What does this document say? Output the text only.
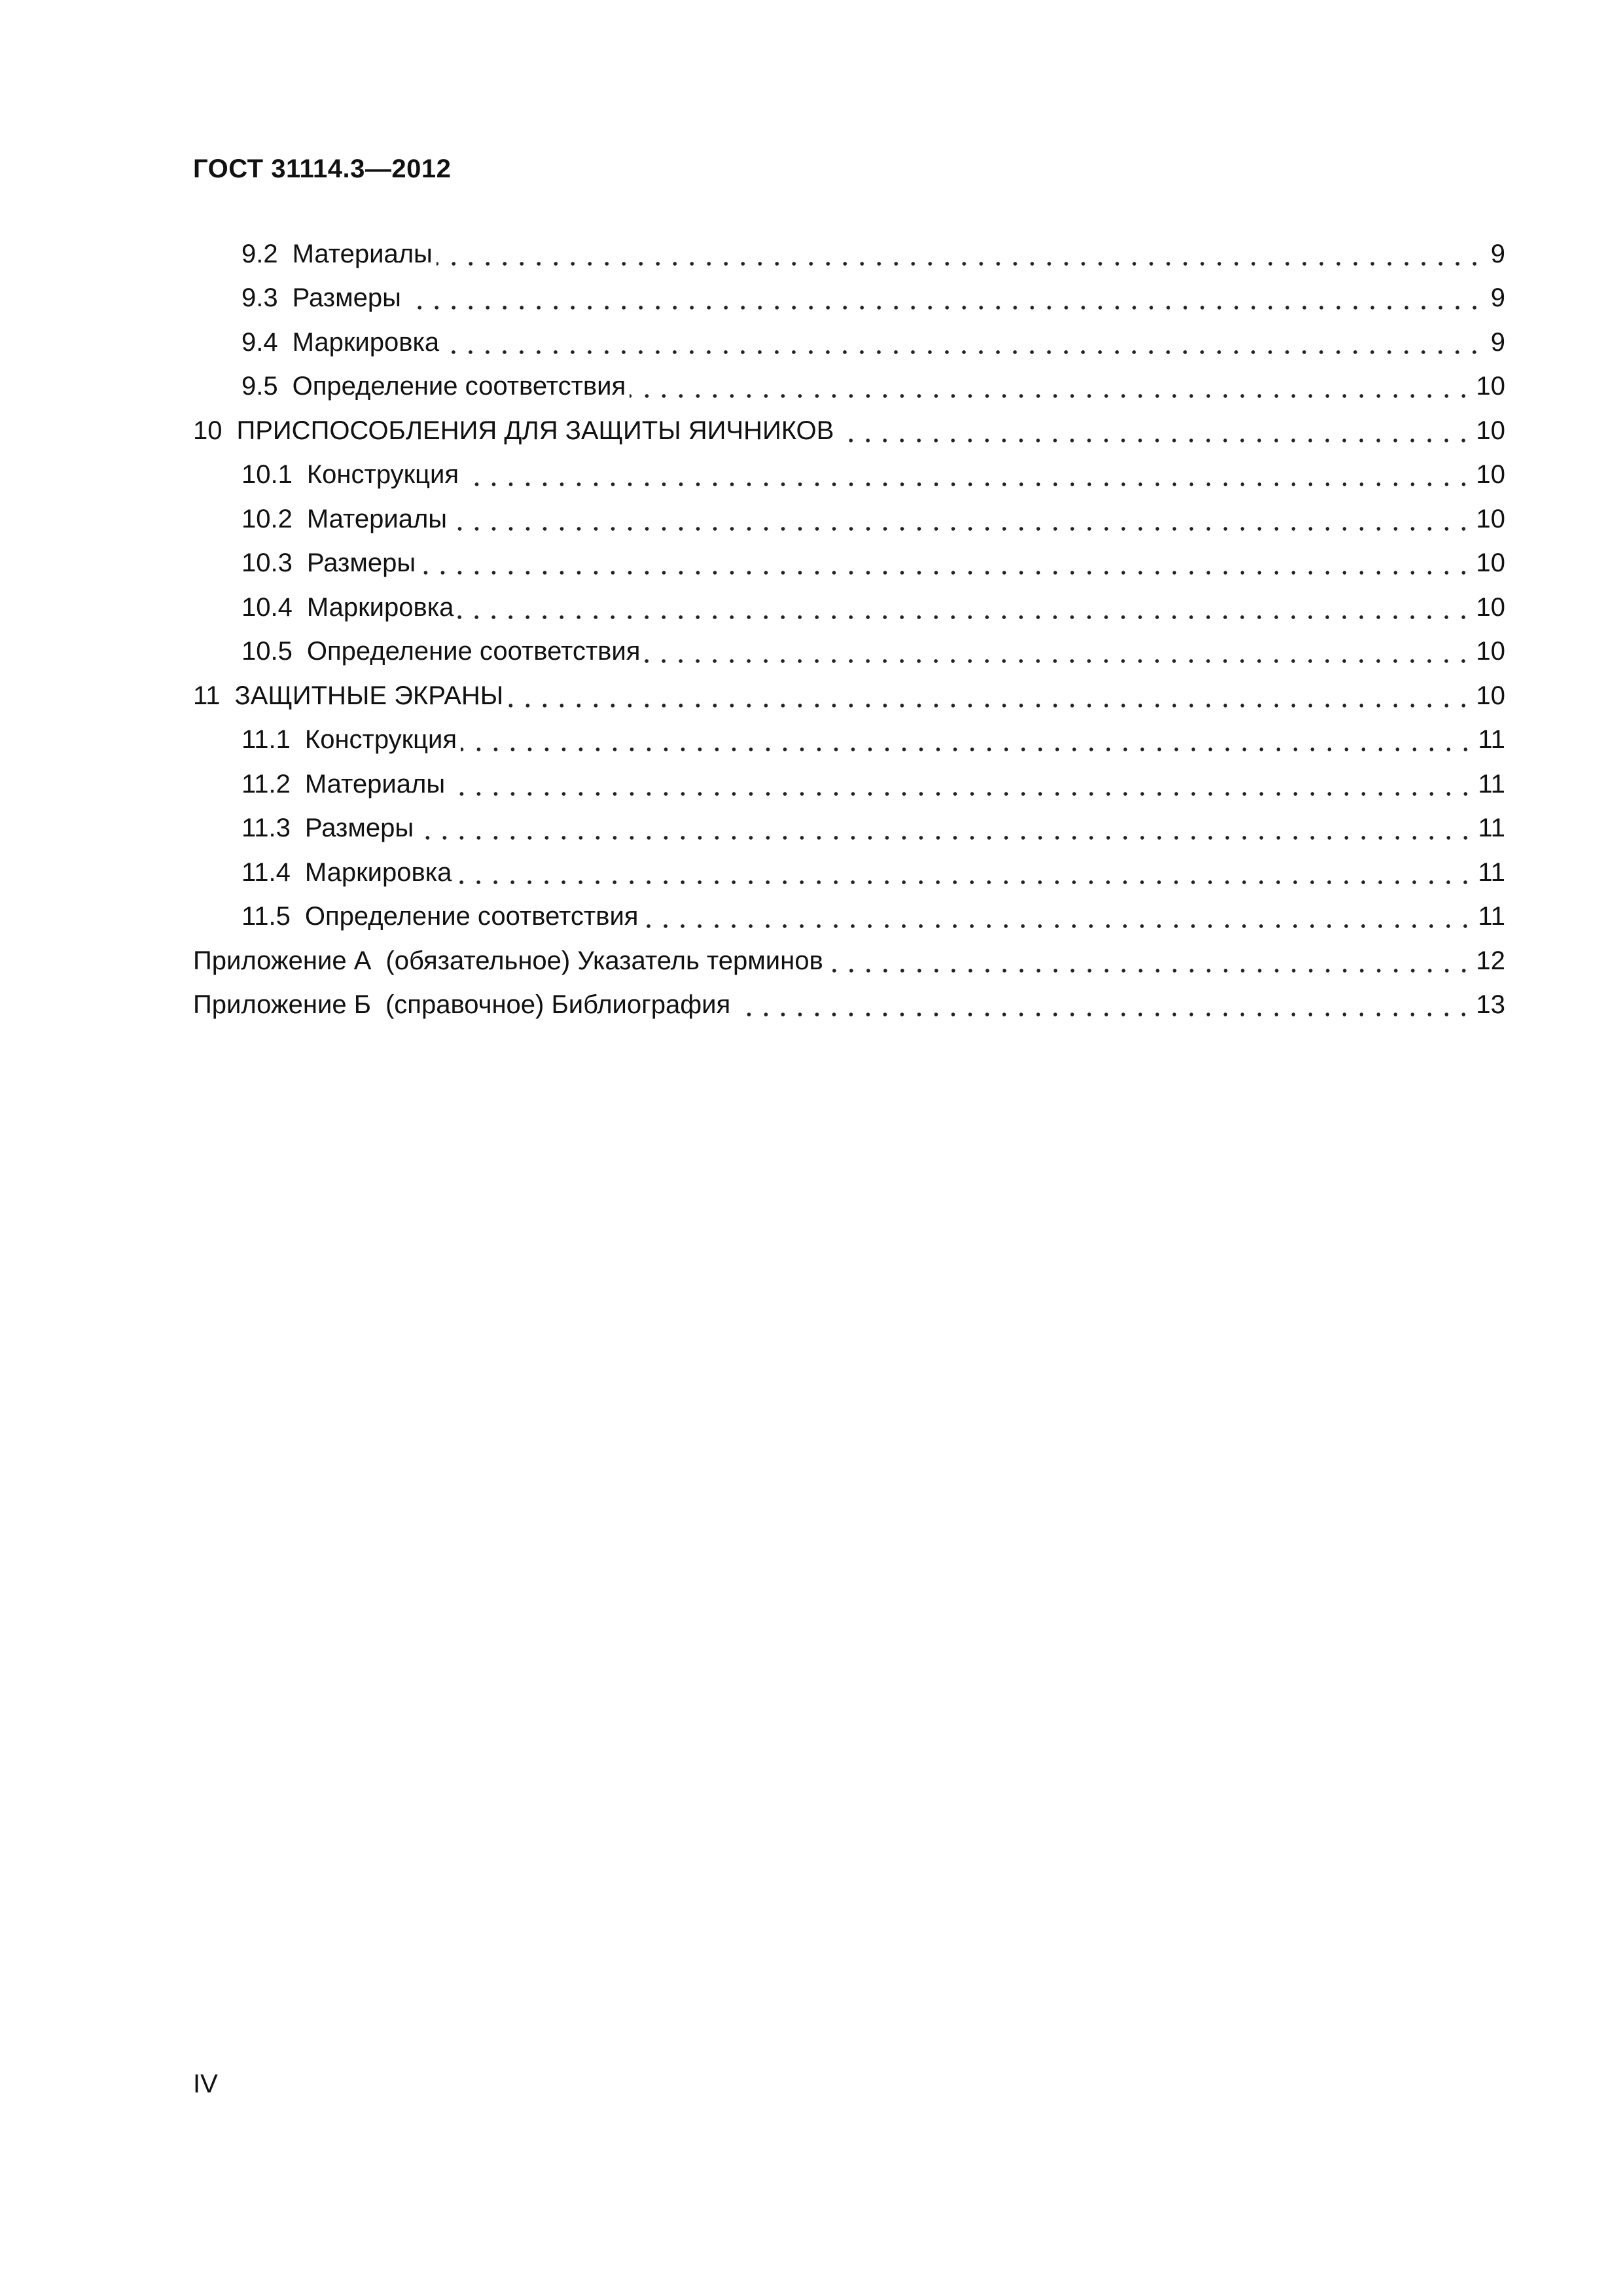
ГОСТ 31114.3—2012
9.2 Материалы	9
9.3 Размеры	9
9.4 Маркировка	9
9.5 Определение соответствия	10
10 ПРИСПОСОБЛЕНИЯ ДЛЯ ЗАЩИТЫ ЯИЧНИКОВ	10
10.1 Конструкция	10
10.2 Материалы	10
10.3 Размеры	10
10.4 Маркировка	10
10.5 Определение соответствия	10
11 ЗАЩИТНЫЕ ЭКРАНЫ	10
11.1 Конструкция	11
11.2 Материалы	11
11.3 Размеры	11
11.4 Маркировка	11
11.5 Определение соответствия	11
Приложение А (обязательное) Указатель терминов	12
Приложение Б (справочное) Библиография	13
IV
